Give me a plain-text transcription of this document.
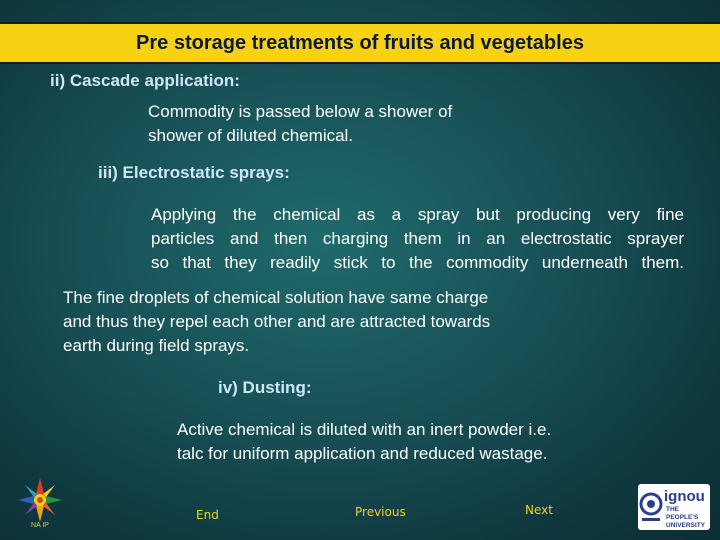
Pre storage treatments of fruits and vegetables
ii) Cascade application:
Commodity is passed below a shower of
shower of diluted chemical.
iii) Electrostatic sprays:
Applying the chemical as a spray but producing very fine
particles and then charging them in an electrostatic sprayer
so that they readily stick to the commodity underneath them.
The fine droplets of chemical solution have same charge
and thus they repel each other and are attracted towards
earth during field sprays.
iv) Dusting:
Active chemical is diluted with an inert powder i.e.
talc for uniform application and reduced wastage.
End	Previous	Next
NA IP
ignou
THE PEOPLE'S
UNIVERSITY
